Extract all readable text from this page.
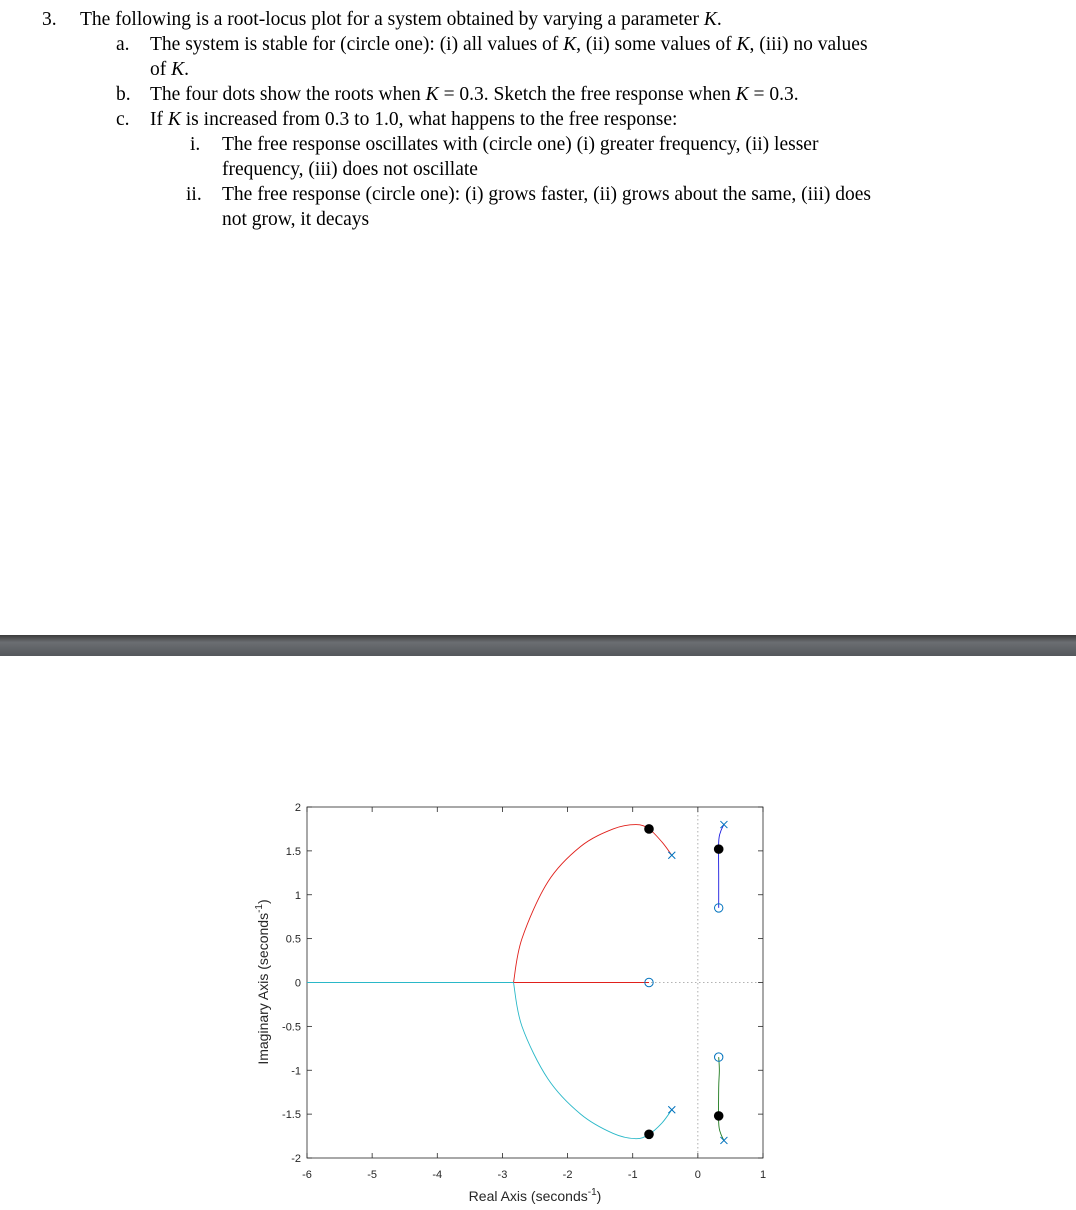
3. The following is a root-locus plot for a system obtained by varying a parameter K.
a. The system is stable for (circle one): (i) all values of K, (ii) some values of K, (iii) no values
of K.
b. The four dots show the roots when K = 0.3. Sketch the free response when K = 0.3.
c. If K is increased from 0.3 to 1.0, what happens to the free response:
i. The free response oscillates with (circle one) (i) greater frequency, (ii) lesser
frequency, (iii) does not oscillate
ii. The free response (circle one): (i) grows faster, (ii) grows about the same, (iii) does
not grow, it decays
-6	-5	-4	-3	-2	-1	0	1
-2
-1.5
-1
-0.5
0
0.5
1
1.5
2
Real Axis (seconds$^{-1}$)
Imaginary Axis (seconds$^{-1}$)
